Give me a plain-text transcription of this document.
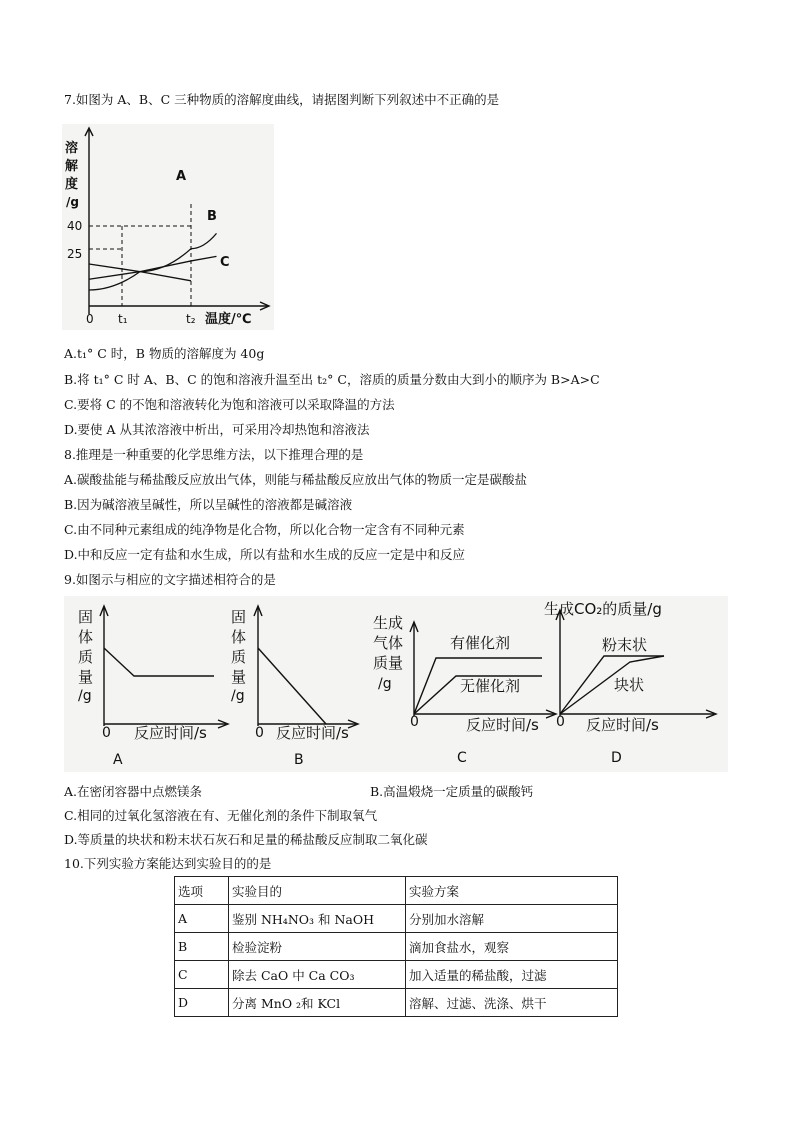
7.如图为 A、B、C 三种物质的溶解度曲线，请据图判断下列叙述中不正确的是
溶
解
度
/g
40
25
0 t₁	t₂ 温度/℃
A
B
C
A.t₁° C 时，B 物质的溶解度为 40g
B.将 t₁° C 时 A、B、C 的饱和溶液升温至出 t₂° C，溶质的质量分数由大到小的顺序为 B>A>C
C.要将 C 的不饱和溶液转化为饱和溶液可以采取降温的方法
D.要使 A 从其浓溶液中析出，可采用冷却热饱和溶液法
8.推理是一种重要的化学思维方法，以下推理合理的是
A.碳酸盐能与稀盐酸反应放出气体，则能与稀盐酸反应放出气体的物质一定是碳酸盐
B.因为碱溶液呈碱性，所以呈碱性的溶液都是碱溶液
C.由不同种元素组成的纯净物是化合物，所以化合物一定含有不同种元素
D.中和反应一定有盐和水生成，所以有盐和水生成的反应一定是中和反应
9.如图示与相应的文字描述相符合的是
固
体
质
量
/g
0 反应时间/s
A
固
体
质
量
/g
0 反应时间/s
B
生成
气体
质量
/g
有催化剂
无催化剂
0	反应时间/s
C
生成CO₂的质量/g
粉末状
块状
0 反应时间/s
D
A.在密闭容器中点燃镁条	B.高温煅烧一定质量的碳酸钙
C.相同的过氧化氢溶液在有、无催化剂的条件下制取氧气
D.等质量的块状和粉末状石灰石和足量的稀盐酸反应制取二氧化碳
10.下列实验方案能达到实验目的的是
选项	实验目的	实验方案
A	鉴别 NH₄NO₃ 和 NaOH	分别加水溶解
B	检验淀粉	滴加食盐水，观察
C	除去 CaO 中 Ca CO₃	加入适量的稀盐酸，过滤
D	分离 MnO ₂和 KCl	溶解、过滤、洗涤、烘干
